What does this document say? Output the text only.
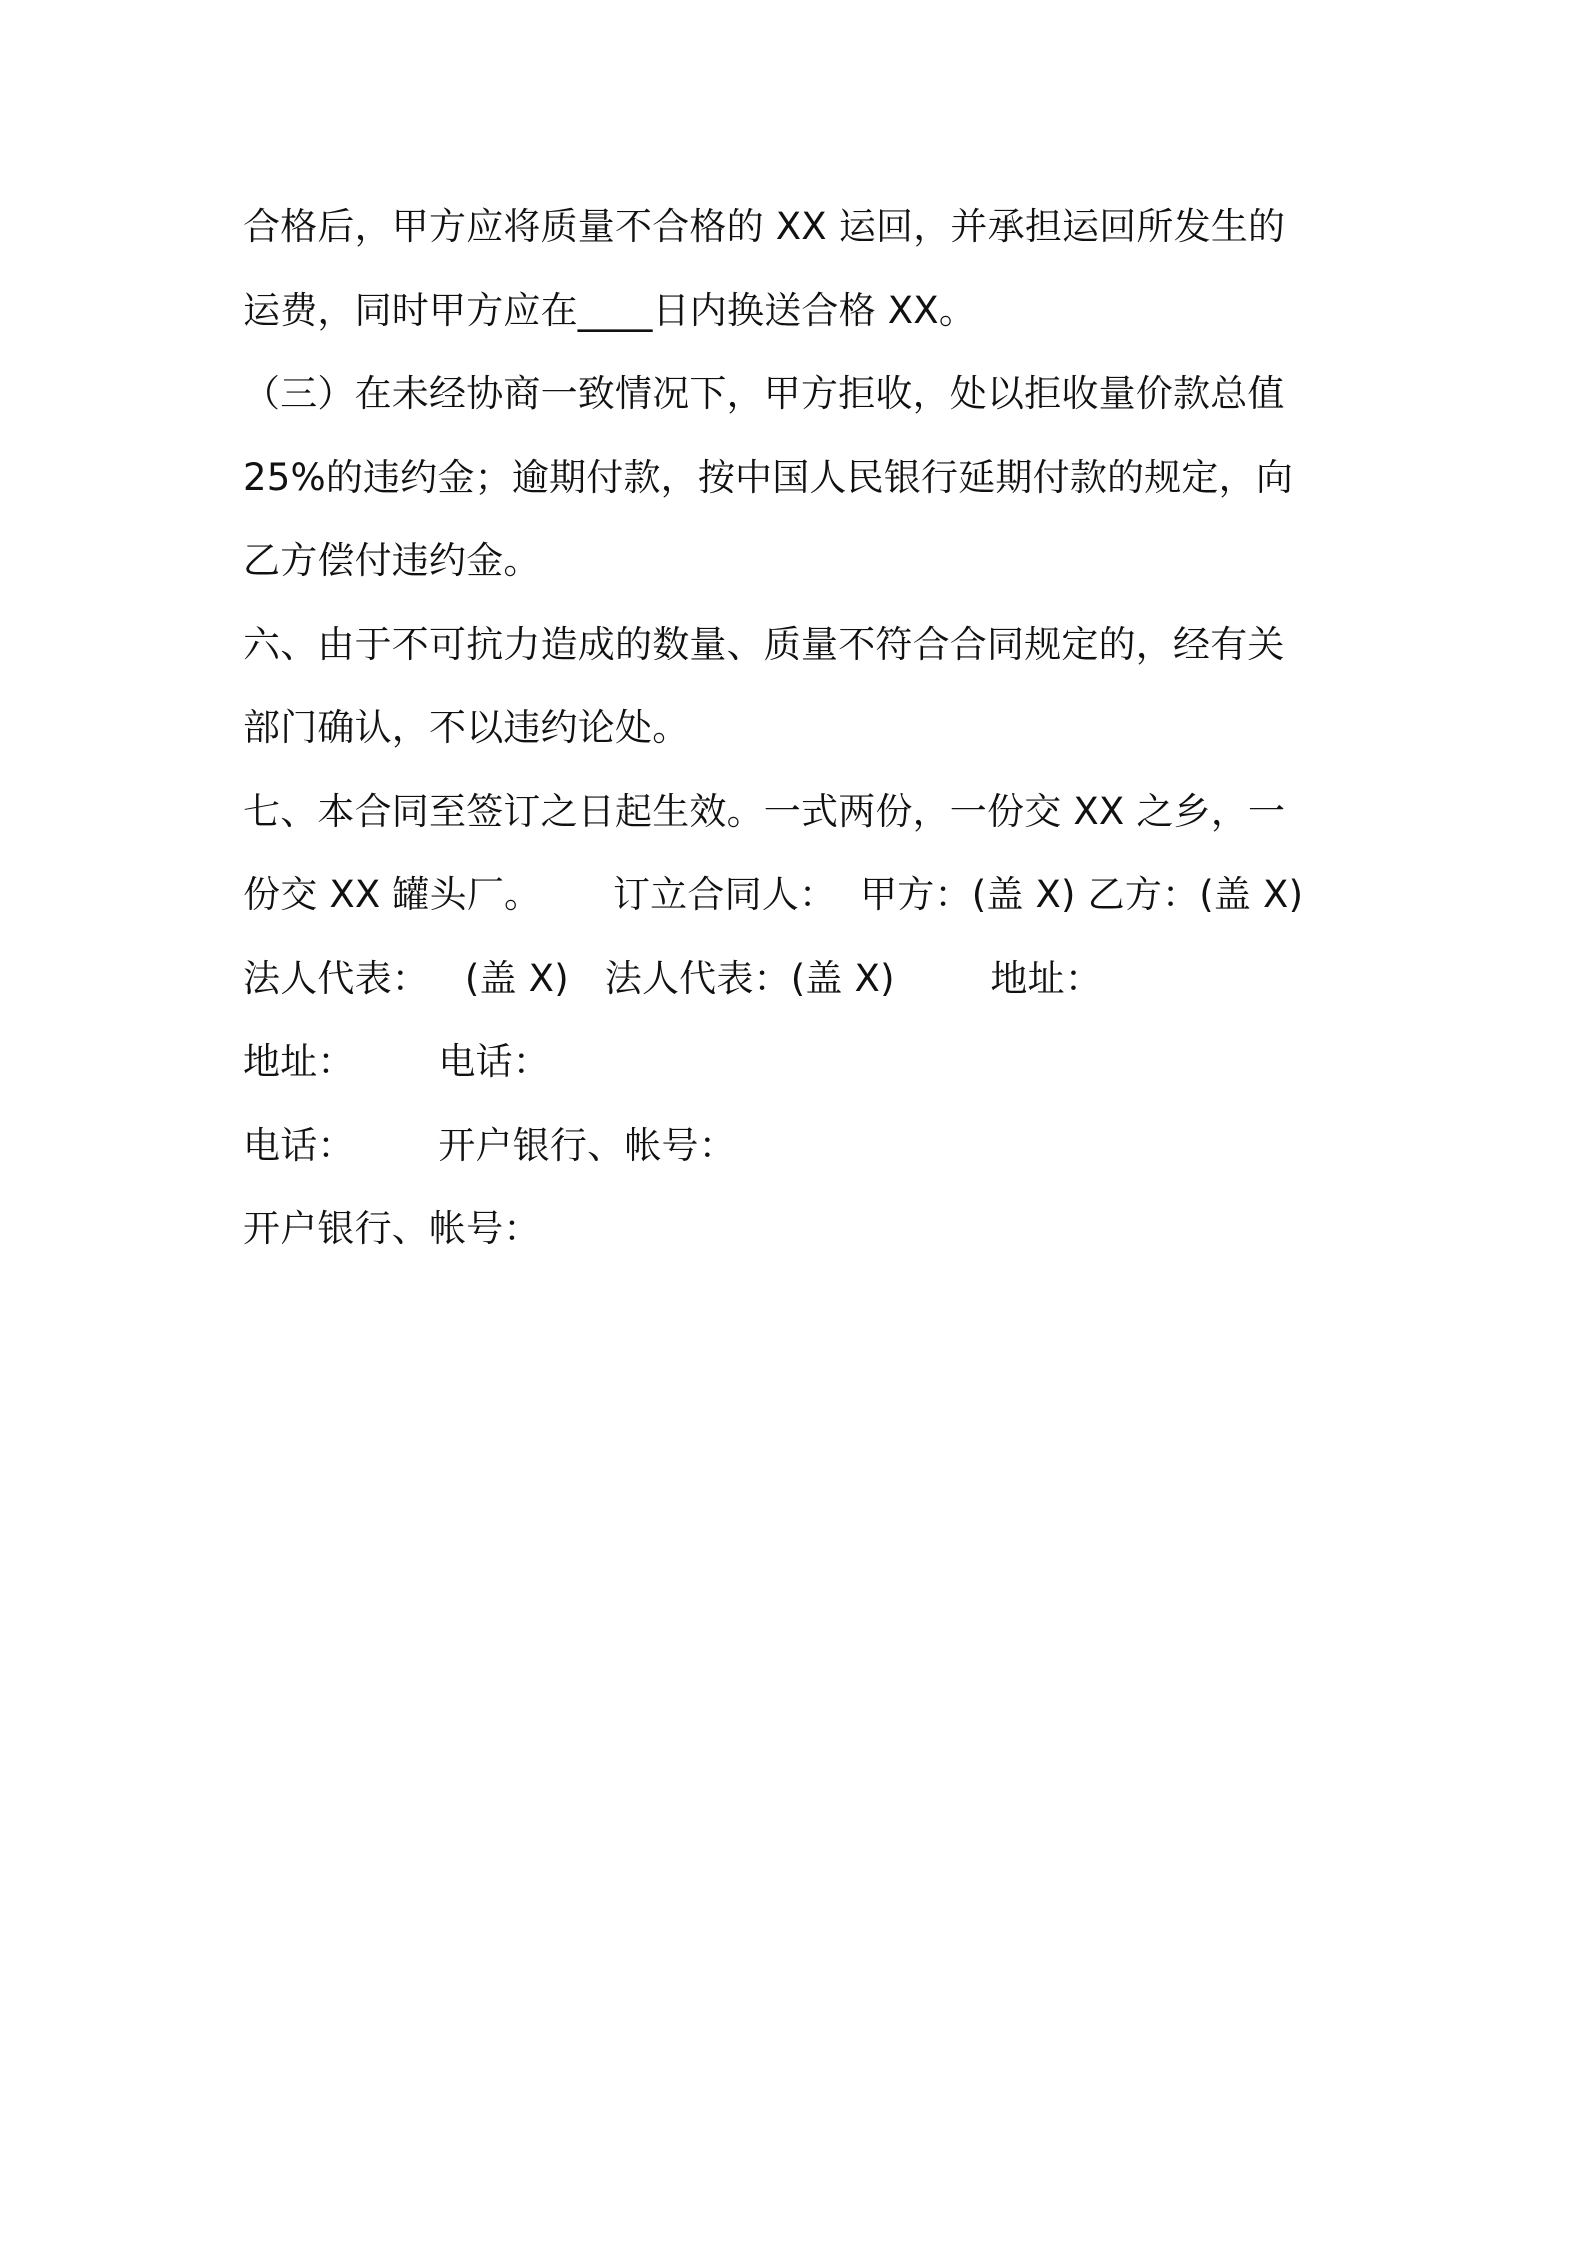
合格后，甲方应将质量不合格的 XX 运回，并承担运回所发生的
运费，同时甲方应在____日内换送合格 XX。
（三）在未经协商一致情况下，甲方拒收，处以拒收量价款总值
25%的违约金；逾期付款，按中国人民银行延期付款的规定，向
乙方偿付违约金。
六、由于不可抗力造成的数量、质量不符合合同规定的，经有关
部门确认，不以违约论处。
七、本合同至签订之日起生效。一式两份，一份交 XX 之乡，一
份交 XX 罐头厂。      订立合同人：  甲方：(盖 X) 乙方：(盖 X)
法人代表：   (盖 X)   法人代表：(盖 X)        地址：
地址：       电话：
电话：       开户银行、帐号：
开户银行、帐号：
